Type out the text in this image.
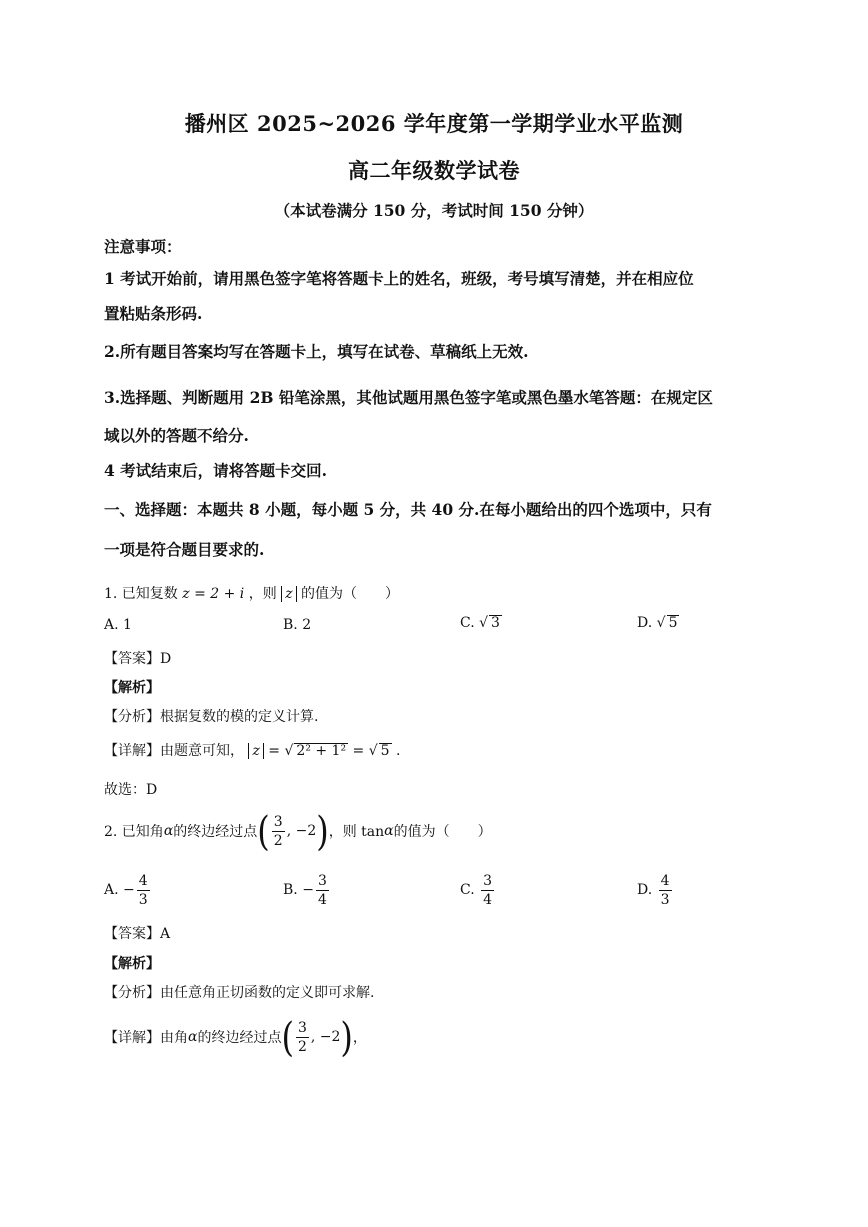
播州区 2025~2026 学年度第一学期学业水平监测
高二年级数学试卷
（本试卷满分 150 分，考试时间 150 分钟）
注意事项：
1 考试开始前，请用黑色签字笔将答题卡上的姓名，班级，考号填写清楚，并在相应位
置粘贴条形码.
2.所有题目答案均写在答题卡上，填写在试卷、草稿纸上无效.
3.选择题、判断题用 2B 铅笔涂黑，其他试题用黑色签字笔或黑色墨水笔答题：在规定区
域以外的答题不给分.
4 考试结束后，请将答题卡交回.
一、选择题：本题共 8 小题，每小题 5 分，共 40 分.在每小题给出的四个选项中，只有
一项是符合题目要求的.
1. 已知复数 z = 2 + i ，则 z 的值为（　　）
A. 1	B. 2	C. √ 3	D. √ 5
【答案】D
【解析】
【分析】根据复数的模的定义计算.
【详解】由题意可知， z = √ 2² + 1² = √ 5 .
故选：D
2. 已知角 α 的终边经过点 ( $\frac{3}{2}$ , −2 ) ，则 tan α 的值为（　　）
A.
− $\frac{4}{3}$	B.
− $\frac{3}{4}$	C.
$\frac{3}{4}$	D.
$\frac{4}{3}$
【答案】A
【解析】
【分析】由任意角正切函数的定义即可求解.
【详解】由角 α 的终边经过点 ( $\frac{3}{2}$ , −2 ) ，
